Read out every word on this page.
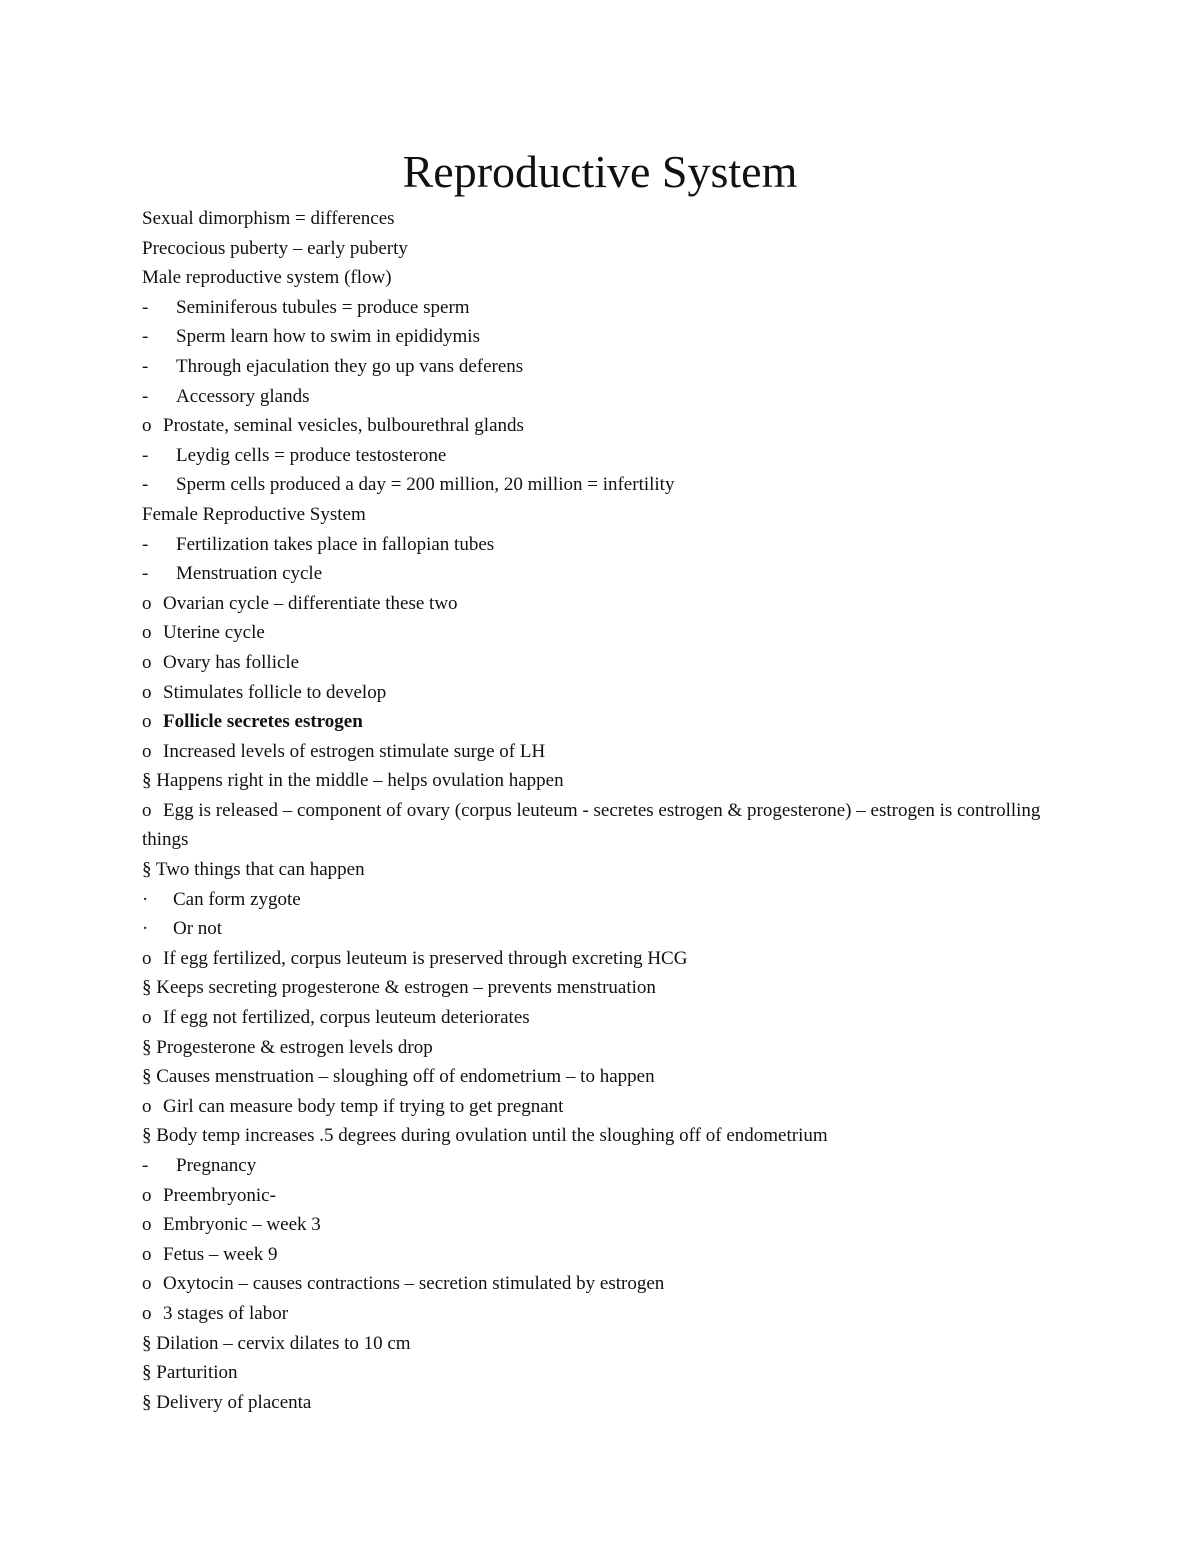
Reproductive System
Sexual dimorphism = differences
Precocious puberty – early puberty
Male reproductive system (flow)
- Seminiferous tubules = produce sperm
- Sperm learn how to swim in epididymis
- Through ejaculation they go up vans deferens
- Accessory glands
o Prostate, seminal vesicles, bulbourethral glands
- Leydig cells = produce testosterone
- Sperm cells produced a day = 200 million, 20 million = infertility
Female Reproductive System
- Fertilization takes place in fallopian tubes
- Menstruation cycle
o Ovarian cycle – differentiate these two
o Uterine cycle
o Ovary has follicle
o Stimulates follicle to develop
o Follicle secretes estrogen
o Increased levels of estrogen stimulate surge of LH
§ Happens right in the middle – helps ovulation happen
o Egg is released – component of ovary (corpus leuteum - secretes estrogen & progesterone) – estrogen is controlling things
§ Two things that can happen
· Can form zygote
· Or not
o If egg fertilized, corpus leuteum is preserved through excreting HCG
§ Keeps secreting progesterone & estrogen – prevents menstruation
o If egg not fertilized, corpus leuteum deteriorates
§ Progesterone & estrogen levels drop
§ Causes menstruation – sloughing off of endometrium – to happen
o Girl can measure body temp if trying to get pregnant
§ Body temp increases .5 degrees during ovulation until the sloughing off of endometrium
- Pregnancy
o Preembryonic-
o Embryonic – week 3
o Fetus – week 9
o Oxytocin – causes contractions – secretion stimulated by estrogen
o 3 stages of labor
§ Dilation – cervix dilates to 10 cm
§ Parturition
§ Delivery of placenta
